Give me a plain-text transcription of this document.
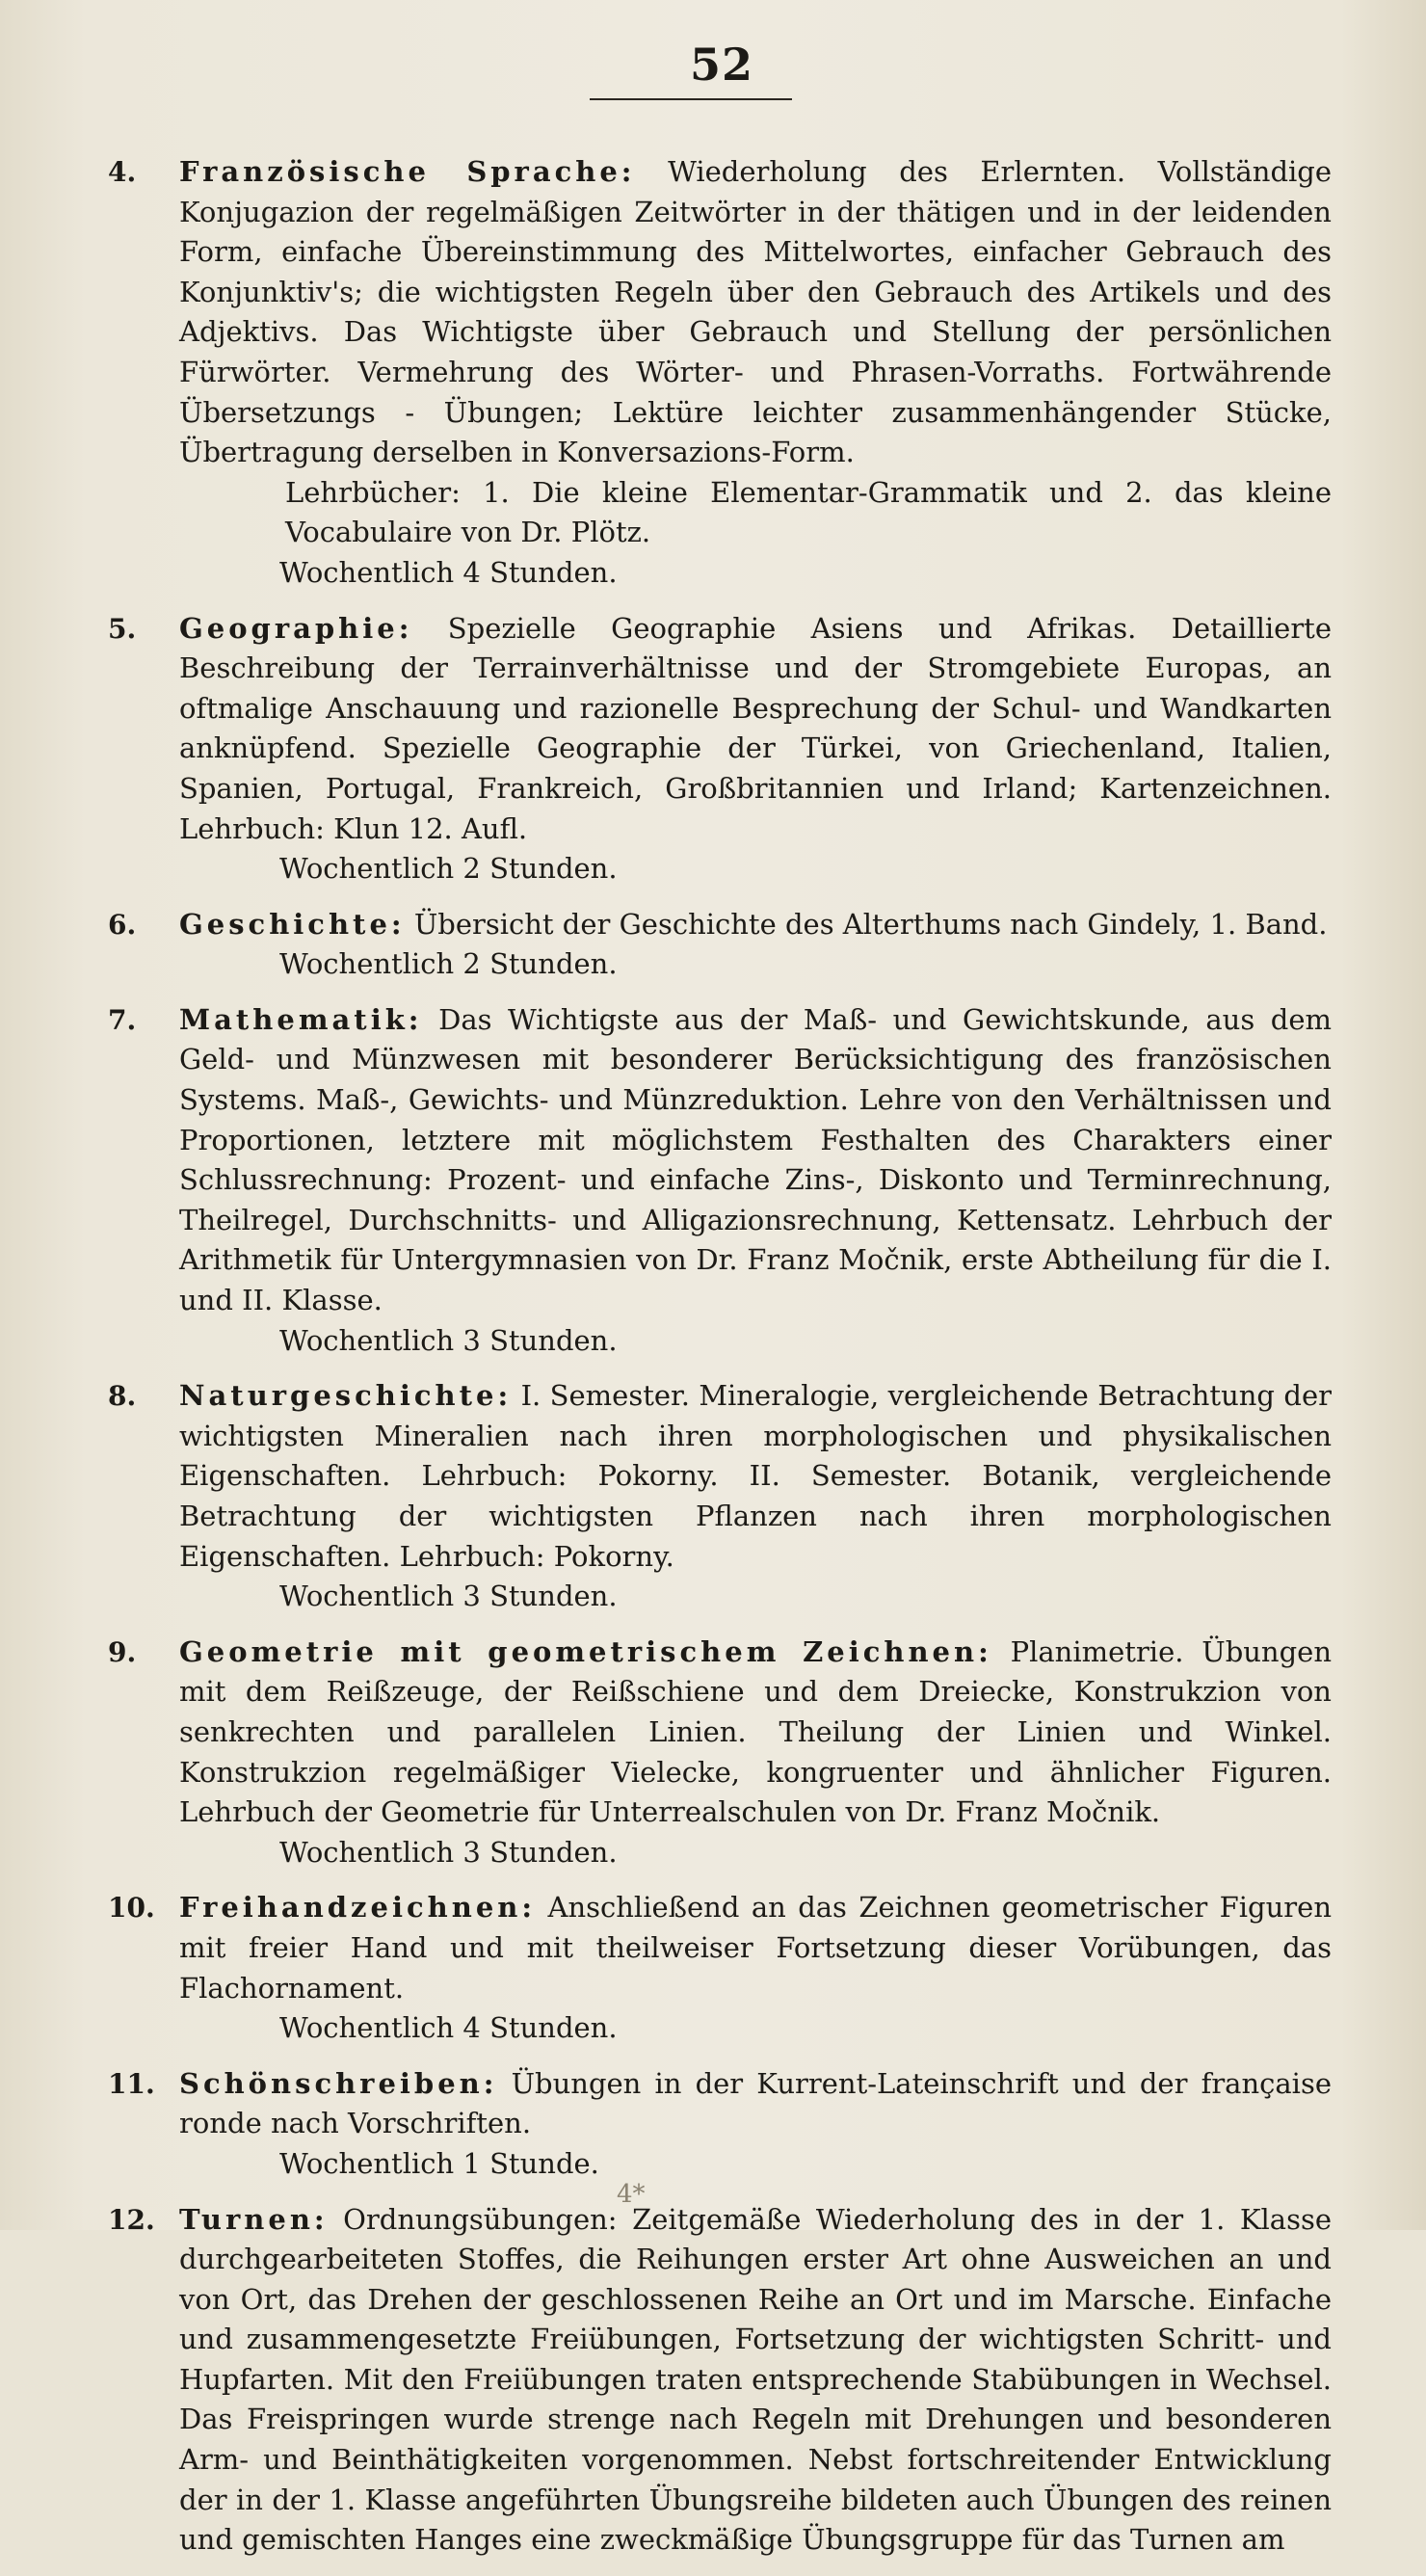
52
4.	Französische Sprache: Wiederholung des Erlernten. Vollständige Konjugazion der regelmäßigen Zeitwörter in der thätigen und in der leidenden Form, einfache Übereinstimmung des Mittelwortes, einfacher Gebrauch des Konjunktiv's; die wichtigsten Regeln über den Gebrauch des Artikels und des Adjektivs. Das Wichtigste über Gebrauch und Stellung der persönlichen Fürwörter. Vermehrung des Wörter- und Phrasen-Vorraths. Fortwährende Übersetzungs - Übungen; Lektüre leichter zusammenhängender Stücke, Übertragung derselben in Konversazions-Form.
Lehrbücher: 1. Die kleine Elementar-Grammatik und 2. das kleine Vocabulaire von Dr. Plötz.
Wochentlich 4 Stunden.
5.	Geographie: Spezielle Geographie Asiens und Afrikas. Detaillierte Beschreibung der Terrainverhältnisse und der Stromgebiete Europas, an oftmalige Anschauung und razionelle Besprechung der Schul- und Wandkarten anknüpfend. Spezielle Geographie der Türkei, von Griechenland, Italien, Spanien, Portugal, Frankreich, Großbritannien und Irland; Kartenzeichnen. Lehrbuch: Klun 12. Aufl.
Wochentlich 2 Stunden.
6.	Geschichte: Übersicht der Geschichte des Alterthums nach Gindely, 1. Band.
Wochentlich 2 Stunden.
7.	Mathematik: Das Wichtigste aus der Maß- und Gewichtskunde, aus dem Geld- und Münzwesen mit besonderer Berücksichtigung des französischen Systems. Maß-, Gewichts- und Münzreduktion. Lehre von den Verhältnissen und Proportionen, letztere mit möglichstem Festhalten des Charakters einer Schlussrechnung: Prozent- und einfache Zins-, Diskonto und Terminrechnung, Theilregel, Durchschnitts- und Alligazionsrechnung, Kettensatz. Lehrbuch der Arithmetik für Untergymnasien von Dr. Franz Močnik, erste Abtheilung für die I. und II. Klasse.
Wochentlich 3 Stunden.
8.	Naturgeschichte: I. Semester. Mineralogie, vergleichende Betrachtung der wichtigsten Mineralien nach ihren morphologischen und physikalischen Eigenschaften. Lehrbuch: Pokorny. II. Semester. Botanik, vergleichende Betrachtung der wichtigsten Pflanzen nach ihren morphologischen Eigenschaften. Lehrbuch: Pokorny.
Wochentlich 3 Stunden.
9.	Geometrie mit geometrischem Zeichnen: Planimetrie. Übungen mit dem Reißzeuge, der Reißschiene und dem Dreiecke, Konstrukzion von senkrechten und parallelen Linien. Theilung der Linien und Winkel. Konstrukzion regelmäßiger Vielecke, kongruenter und ähnlicher Figuren. Lehrbuch der Geometrie für Unterrealschulen von Dr. Franz Močnik.
Wochentlich 3 Stunden.
10. Freihandzeichnen: Anschließend an das Zeichnen geometrischer Figuren mit freier Hand und mit theilweiser Fortsetzung dieser Vorübungen, das Flachornament.
Wochentlich 4 Stunden.
11. Schönschreiben: Übungen in der Kurrent-Lateinschrift und der française ronde nach Vorschriften.
Wochentlich 1 Stunde.
12. Turnen: Ordnungsübungen: Zeitgemäße Wiederholung des in der 1. Klasse durchgearbeiteten Stoffes, die Reihungen erster Art ohne Ausweichen an und von Ort, das Drehen der geschlossenen Reihe an Ort und im Marsche. Einfache und zusammengesetzte Freiübungen, Fortsetzung der wichtigsten Schritt- und Hupfarten. Mit den Freiübungen traten entsprechende Stabübungen in Wechsel. Das Freispringen wurde strenge nach Regeln mit Drehungen und besonderen Arm- und Beinthätigkeiten vorgenommen. Nebst fortschreitender Entwicklung der in der 1. Klasse angeführten Übungsreihe bildeten auch Übungen des reinen und gemischten Hanges eine zweckmäßige Übungsgruppe für das Turnen am
4*
